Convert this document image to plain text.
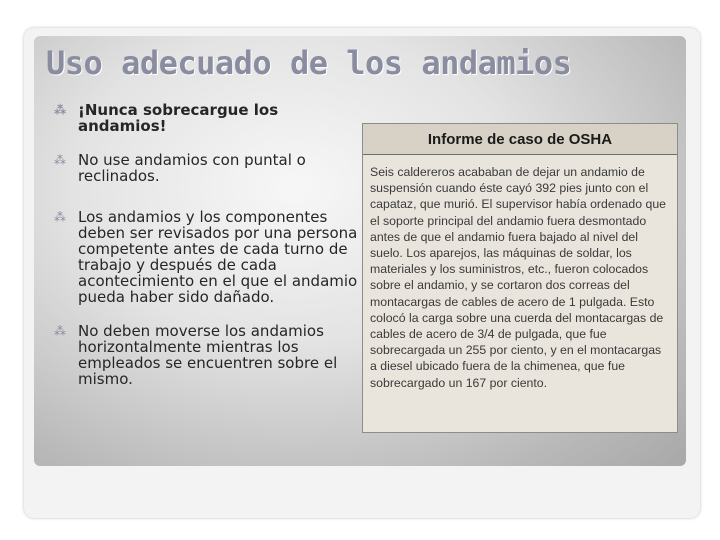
Uso adecuado de los andamios
⁂ ¡Nunca sobrecargue los andamios!
⁂ No use andamios con puntal o reclinados.
⁂ Los andamios y los componentes deben ser revisados por una persona competente antes de cada turno de trabajo y después de cada acontecimiento en el que el andamio pueda haber sido dañado.
⁂ No deben moverse los andamios horizontalmente mientras los empleados se encuentren sobre el mismo.
Informe de caso de OSHA
Seis caldereros acababan de dejar un andamio de suspensión cuando éste cayó 392 pies junto con el capataz, que murió. El supervisor había ordenado que el soporte principal del andamio fuera desmontado antes de que el andamio fuera bajado al nivel del suelo. Los aparejos, las máquinas de soldar, los materiales y los suministros, etc., fueron colocados sobre el andamio, y se cortaron dos correas del montacargas de cables de acero de 1 pulgada. Esto colocó la carga sobre una cuerda del montacargas de cables de acero de 3/4 de pulgada, que fue sobrecargada un 255 por ciento, y en el montacargas a diesel ubicado fuera de la chimenea, que fue sobrecargado un 167 por ciento.
